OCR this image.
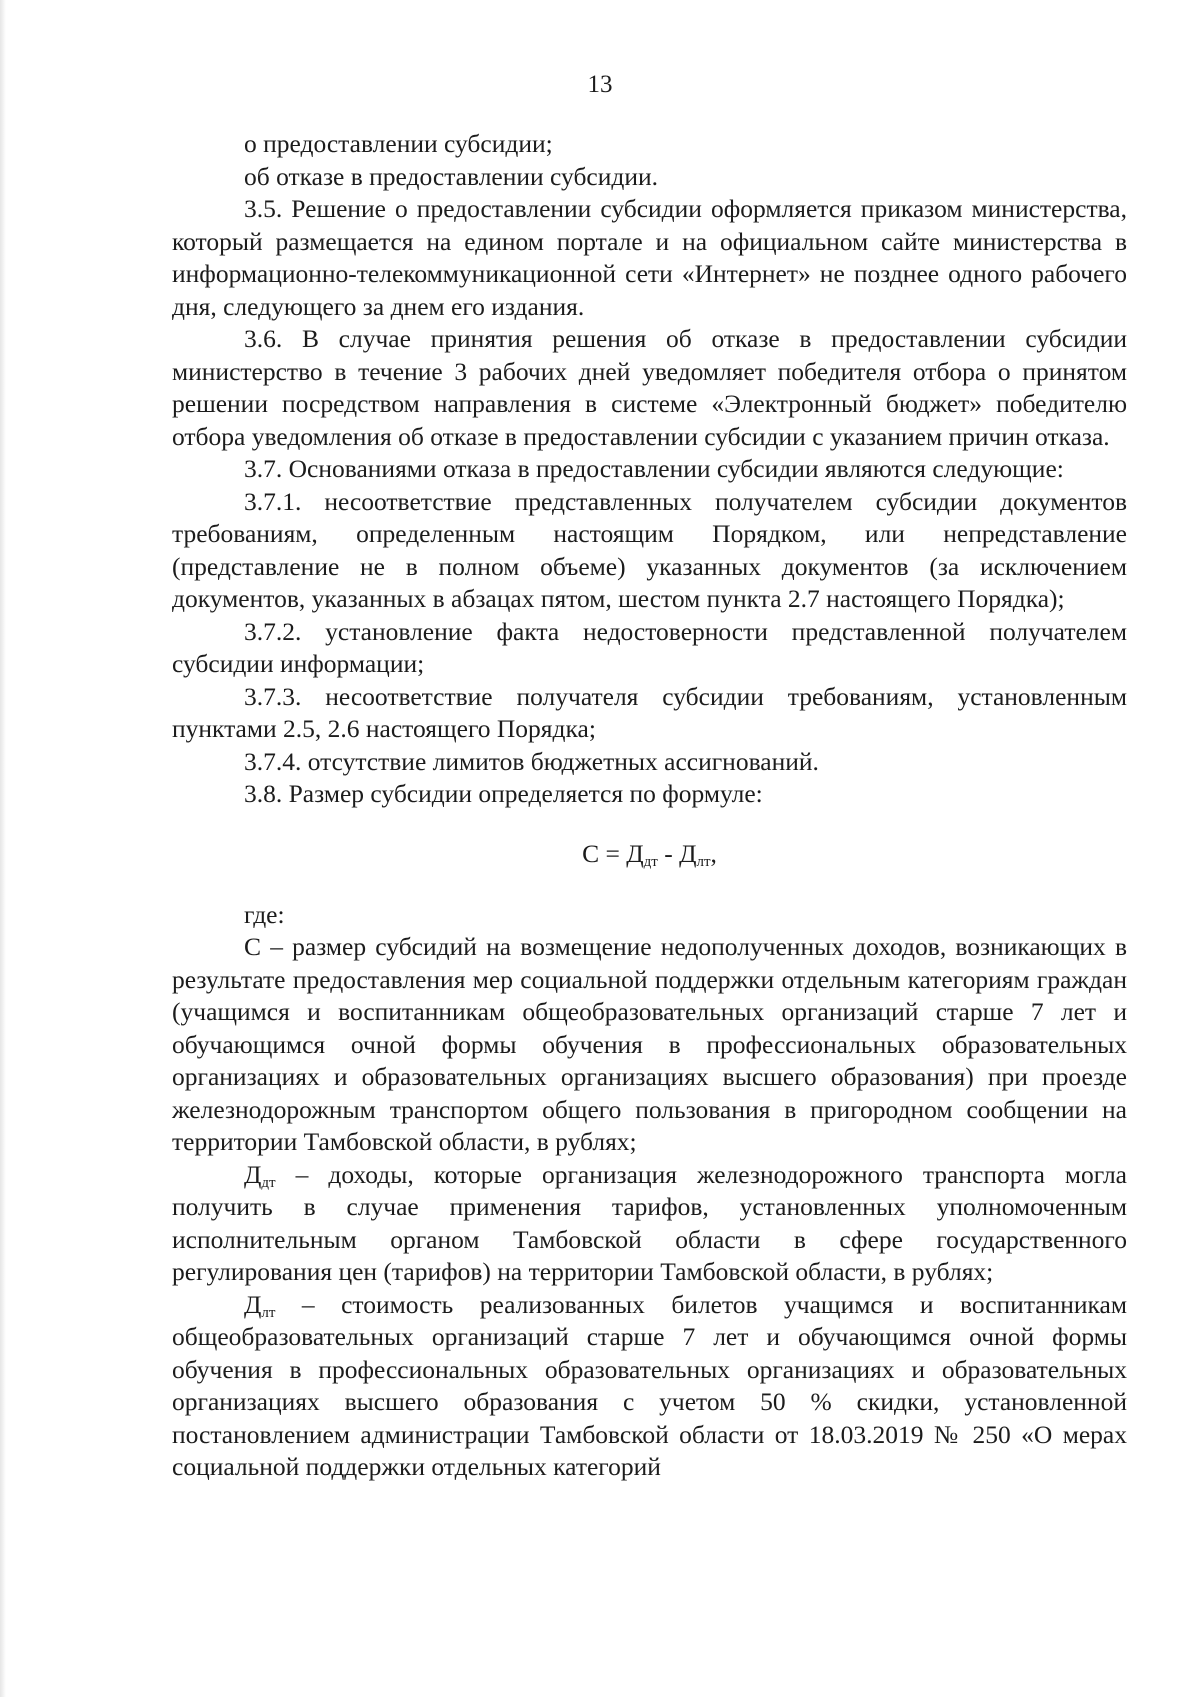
13

о предоставлении субсидии;

об отказе в предоставлении субсидии.

3.5. Решение о предоставлении субсидии оформляется приказом министерства, который размещается на едином портале и на официальном сайте министерства в информационно-телекоммуникационной сети «Интернет» не позднее одного рабочего дня, следующего за днем его издания.

3.6. В случае принятия решения об отказе в предоставлении субсидии министерство в течение 3 рабочих дней уведомляет победителя отбора о принятом решении посредством направления в системе «Электронный бюджет» победителю отбора уведомления об отказе в предоставлении субсидии с указанием причин отказа.

3.7. Основаниями отказа в предоставлении субсидии являются следующие:

3.7.1. несоответствие представленных получателем субсидии документов требованиям, определенным настоящим Порядком, или непредставление (представление не в полном объеме) указанных документов (за исключением документов, указанных в абзацах пятом, шестом пункта 2.7 настоящего Порядка);

3.7.2. установление факта недостоверности представленной получателем субсидии информации;

3.7.3. несоответствие получателя субсидии требованиям, установленным пунктами 2.5, 2.6 настоящего Порядка;

3.7.4. отсутствие лимитов бюджетных ассигнований.

3.8. Размер субсидии определяется по формуле:

$С = Д_{дт} - Д_{лт}$,

где:

С – размер субсидий на возмещение недополученных доходов, возникающих в результате предоставления мер социальной поддержки отдельным категориям граждан (учащимся и воспитанникам общеобразовательных организаций старше 7 лет и обучающимся очной формы обучения в профессиональных образовательных организациях и образовательных организациях высшего образования) при проезде железнодорожным транспортом общего пользования в пригородном сообщении на территории Тамбовской области, в рублях;

$Д_{дт}$ – доходы, которые организация железнодорожного транспорта могла получить в случае применения тарифов, установленных уполномоченным исполнительным органом Тамбовской области в сфере государственного регулирования цен (тарифов) на территории Тамбовской области, в рублях;

$Д_{лт}$ – стоимость реализованных билетов учащимся и воспитанникам общеобразовательных организаций старше 7 лет и обучающимся очной формы обучения в профессиональных образовательных организациях и образовательных организациях высшего образования с учетом 50 % скидки, установленной постановлением администрации Тамбовской области от 18.03.2019 № 250 «О мерах социальной поддержки отдельных категорий
